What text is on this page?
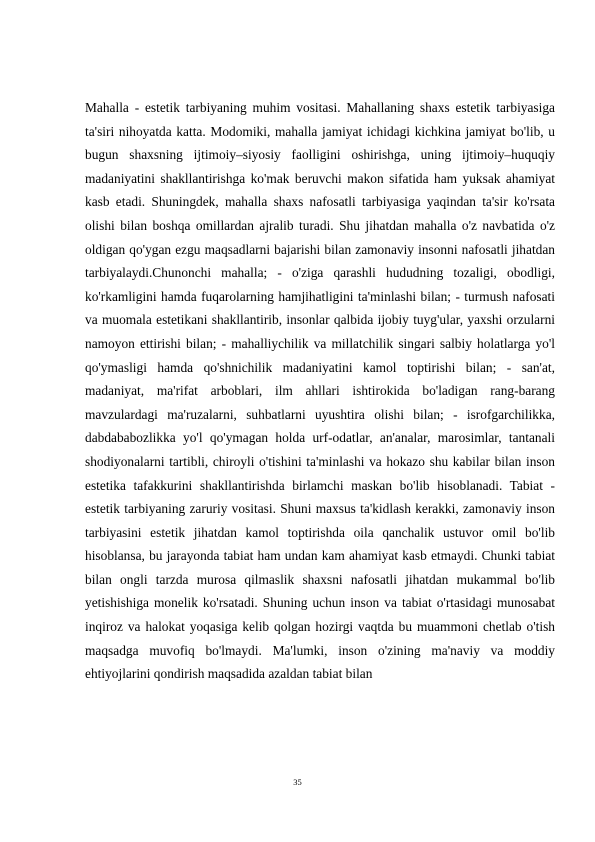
Mahalla - estetik tarbiyaning muhim vositasi. Mahallaning shaxs estetik tarbiyasiga ta'siri nihoyatda katta. Modomiki, mahalla jamiyat ichidagi kichkina jamiyat bo'lib, u bugun shaxsning ijtimoiy–siyosiy faolligini oshirishga, uning ijtimoiy–huquqiy madaniyatini shakllantirishga ko'mak beruvchi makon sifatida ham yuksak ahamiyat kasb etadi. Shuningdek, mahalla shaxs nafosatli tarbiyasiga yaqindan ta'sir ko'rsata olishi bilan boshqa omillardan ajralib turadi. Shu jihatdan mahalla o'z navbatida o'z oldigan qo'ygan ezgu maqsadlarni bajarishi bilan zamonaviy insonni nafosatli jihatdan tarbiyalaydi.Chunonchi mahalla; - o'ziga qarashli hududning tozaligi, obodligi, ko'rkamligini hamda fuqarolarning hamjihatligini ta'minlashi bilan; - turmush nafosati va muomala estetikani shakllantirib, insonlar qalbida ijobiy tuyg'ular, yaxshi orzularni namoyon ettirishi bilan; - mahalliychilik va millatchilik singari salbiy holatlarga yo'l qo'ymasligi hamda qo'shnichilik madaniyatini kamol toptirishi bilan; - san'at, madaniyat, ma'rifat arboblari, ilm ahllari ishtirokida bo'ladigan rang-barang mavzulardagi ma'ruzalarni, suhbatlarni uyushtira olishi bilan; - isrofgarchilikka, dabdababozlikka yo'l qo'ymagan holda urf-odatlar, an'analar, marosimlar, tantanali shodiyonalarni tartibli, chiroyli o'tishini ta'minlashi va hokazo shu kabilar bilan inson estetika tafakkurini shakllantirishda birlamchi maskan bo'lib hisoblanadi. Tabiat - estetik tarbiyaning zaruriy vositasi. Shuni maxsus ta'kidlash kerakki, zamonaviy inson tarbiyasini estetik jihatdan kamol toptirishda oila qanchalik ustuvor omil bo'lib hisoblansa, bu jarayonda tabiat ham undan kam ahamiyat kasb etmaydi. Chunki tabiat bilan ongli tarzda murosa qilmaslik shaxsni nafosatli jihatdan mukammal bo'lib yetishishiga monelik ko'rsatadi. Shuning uchun inson va tabiat o'rtasidagi munosabat inqiroz va halokat yoqasiga kelib qolgan hozirgi vaqtda bu muammoni chetlab o'tish maqsadga muvofiq bo'lmaydi. Ma'lumki, inson o'zining ma'naviy va moddiy ehtiyojlarini qondirish maqsadida azaldan tabiat bilan

35
